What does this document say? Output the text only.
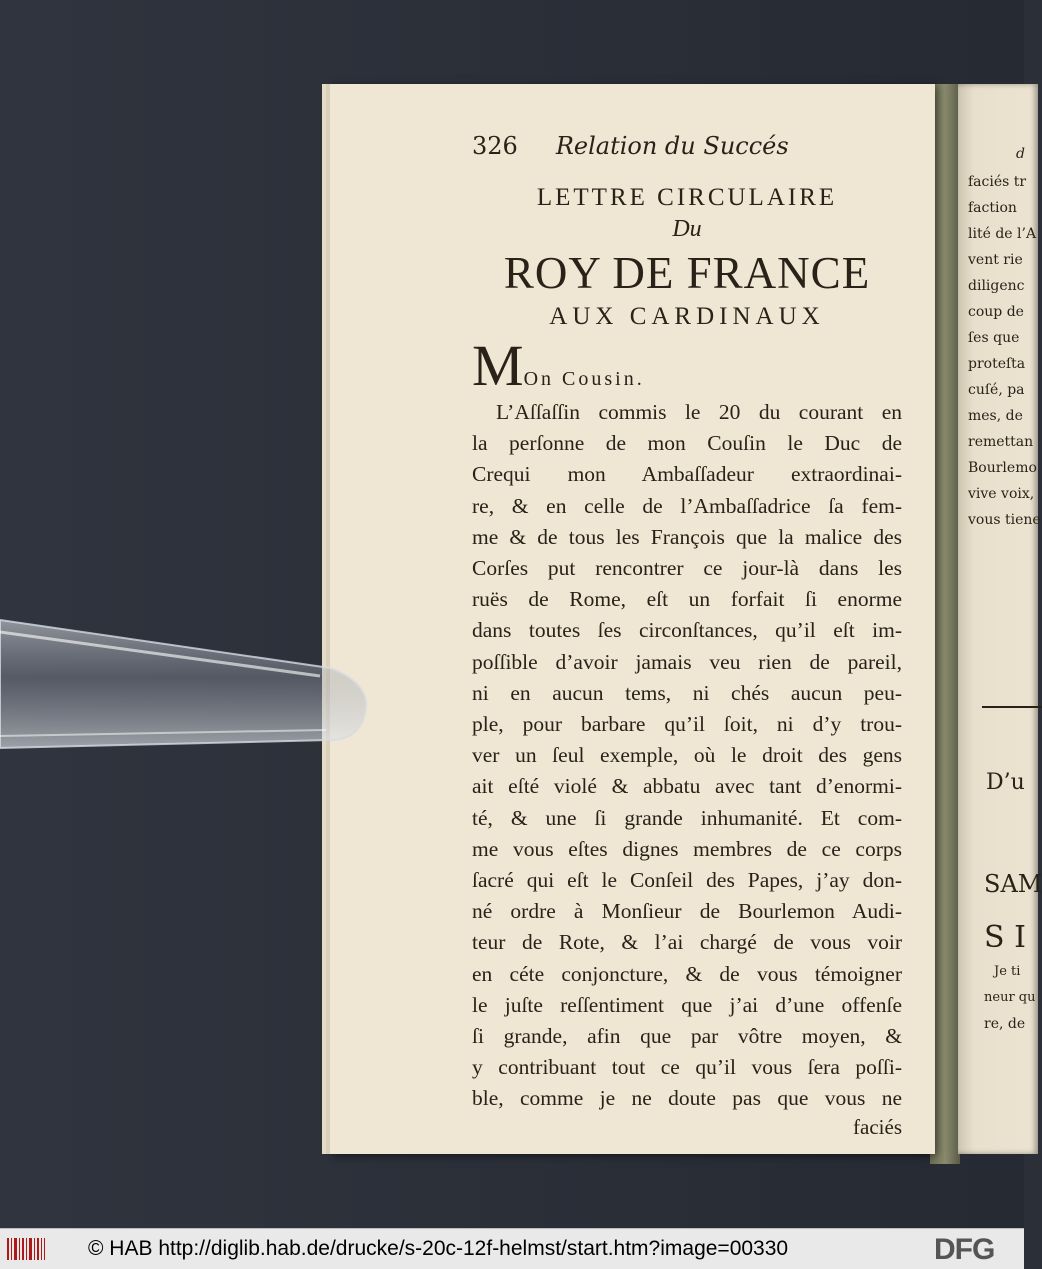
d
faciés tr
faction
lité de l’A
vent rie
diligenc
coup de
ſes que
proteſta
cuſé, pa
mes, de
remettan
Bourlemo
vive voix,
vous tiene
D’u
SAM
S I
Je ti
neur qu
re, de
326 Relation du Succés
LETTRE CIRCULAIRE
Du
ROY DE FRANCE
AUX CARDINAUX
MOn Cousin.
L’Aſſaſſin commis le 20 du courant en
la perſonne de mon Couſin le Duc de
Crequi mon Ambaſſadeur extraordinai-
re, & en celle de l’Ambaſſadrice ſa fem-
me & de tous les François que la malice des
Corſes put rencontrer ce jour-là dans les
ruës de Rome, eſt un forfait ſi enorme
dans toutes ſes circonſtances, qu’il eſt im-
poſſible d’avoir jamais veu rien de pareil,
ni en aucun tems, ni chés aucun peu-
ple, pour barbare qu’il ſoit, ni d’y trou-
ver un ſeul exemple, où le droit des gens
ait eſté violé & abbatu avec tant d’enormi-
té, & une ſi grande inhumanité. Et com-
me vous eſtes dignes membres de ce corps
ſacré qui eſt le Conſeil des Papes, j’ay don-
né ordre à Monſieur de Bourlemon Audi-
teur de Rote, & l’ai chargé de vous voir
en céte conjoncture, & de vous témoigner
le juſte reſſentiment que j’ai d’une offenſe
ſi grande, afin que par vôtre moyen, &
y contribuant tout ce qu’il vous ſera poſſi-
ble, comme je ne doute pas que vous ne
faciés
© HAB http://diglib.hab.de/drucke/s-20c-12f-helmst/start.htm?image=00330	DFG
